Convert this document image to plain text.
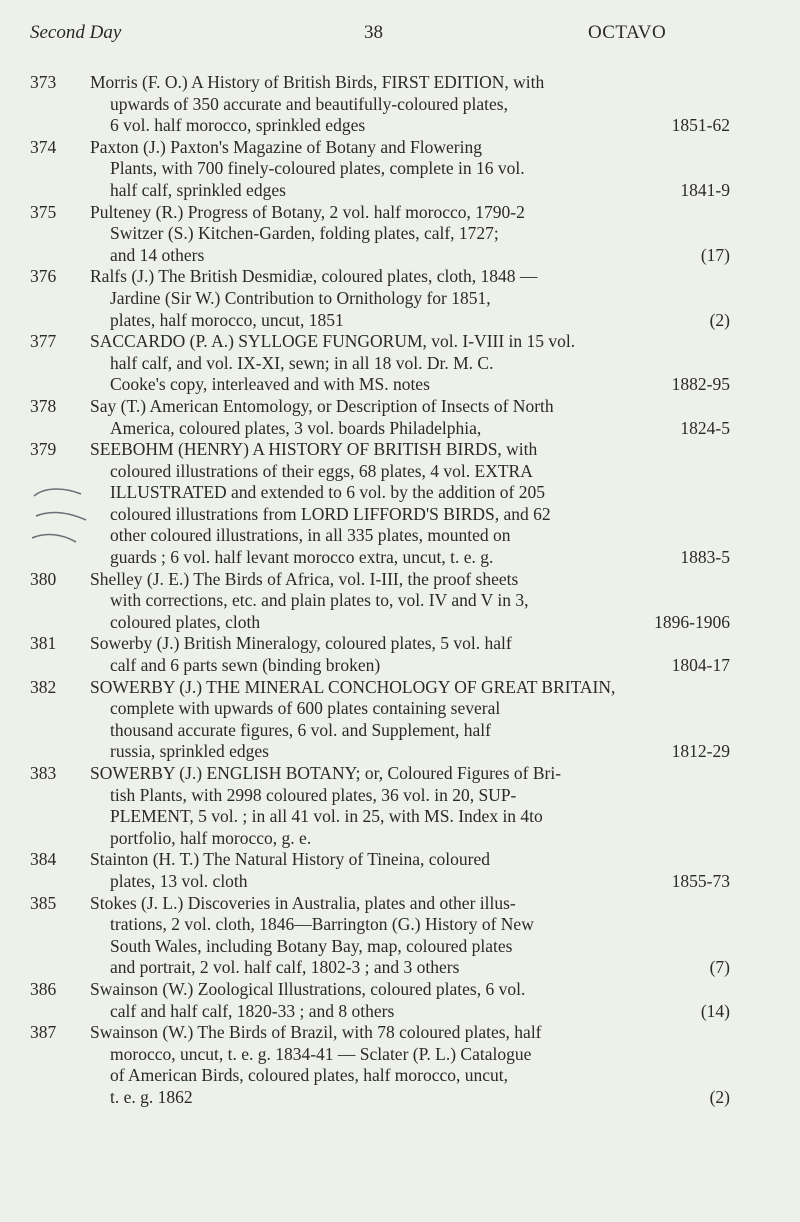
Second Day	38	OCTAVO
373	Morris (F. O.) A History of British Birds, FIRST EDITION, with
upwards of 350 accurate and beautifully-coloured plates,
6 vol. half morocco, sprinkled edges	1851-62
374	Paxton (J.) Paxton's Magazine of Botany and Flowering
Plants, with 700 finely-coloured plates, complete in 16 vol.
half calf, sprinkled edges	1841-9
375	Pulteney (R.) Progress of Botany, 2 vol. half morocco, 1790-2
Switzer (S.) Kitchen-Garden, folding plates, calf, 1727;
and 14 others	(17)
376	Ralfs (J.) The British Desmidiæ, coloured plates, cloth, 1848 —
Jardine (Sir W.) Contribution to Ornithology for 1851,
plates, half morocco, uncut, 1851	(2)
377	SACCARDO (P. A.) SYLLOGE FUNGORUM, vol. I-VIII in 15 vol.
half calf, and vol. IX-XI, sewn; in all 18 vol. Dr. M. C.
Cooke's copy, interleaved and with MS. notes	1882-95
378	Say (T.) American Entomology, or Description of Insects of North
America, coloured plates, 3 vol. boards Philadelphia,	1824-5
379	SEEBOHM (HENRY) A HISTORY OF BRITISH BIRDS, with
coloured illustrations of their eggs, 68 plates, 4 vol. EXTRA
ILLUSTRATED and extended to 6 vol. by the addition of 205
coloured illustrations from LORD LIFFORD'S BIRDS, and 62
other coloured illustrations, in all 335 plates, mounted on
guards ; 6 vol. half levant morocco extra, uncut, t. e. g.	1883-5
380	Shelley (J. E.) The Birds of Africa, vol. I-III, the proof sheets
with corrections, etc. and plain plates to, vol. IV and V in 3,
coloured plates, cloth	1896-1906
381	Sowerby (J.) British Mineralogy, coloured plates, 5 vol. half
calf and 6 parts sewn (binding broken)	1804-17
382	SOWERBY (J.) THE MINERAL CONCHOLOGY OF GREAT BRITAIN,
complete with upwards of 600 plates containing several
thousand accurate figures, 6 vol. and Supplement, half
russia, sprinkled edges	1812-29
383	SOWERBY (J.) ENGLISH BOTANY; or, Coloured Figures of Bri-
tish Plants, with 2998 coloured plates, 36 vol. in 20, SUP-
PLEMENT, 5 vol. ; in all 41 vol. in 25, with MS. Index in 4to
portfolio, half morocco, g. e.
384	Stainton (H. T.) The Natural History of Tineina, coloured
plates, 13 vol. cloth	1855-73
385	Stokes (J. L.) Discoveries in Australia, plates and other illus-
trations, 2 vol. cloth, 1846—Barrington (G.) History of New
South Wales, including Botany Bay, map, coloured plates
and portrait, 2 vol. half calf, 1802-3 ; and 3 others	(7)
386	Swainson (W.) Zoological Illustrations, coloured plates, 6 vol.
calf and half calf, 1820-33 ; and 8 others	(14)
387	Swainson (W.) The Birds of Brazil, with 78 coloured plates, half
morocco, uncut, t. e. g. 1834-41 — Sclater (P. L.) Catalogue
of American Birds, coloured plates, half morocco, uncut,
t. e. g. 1862	(2)
